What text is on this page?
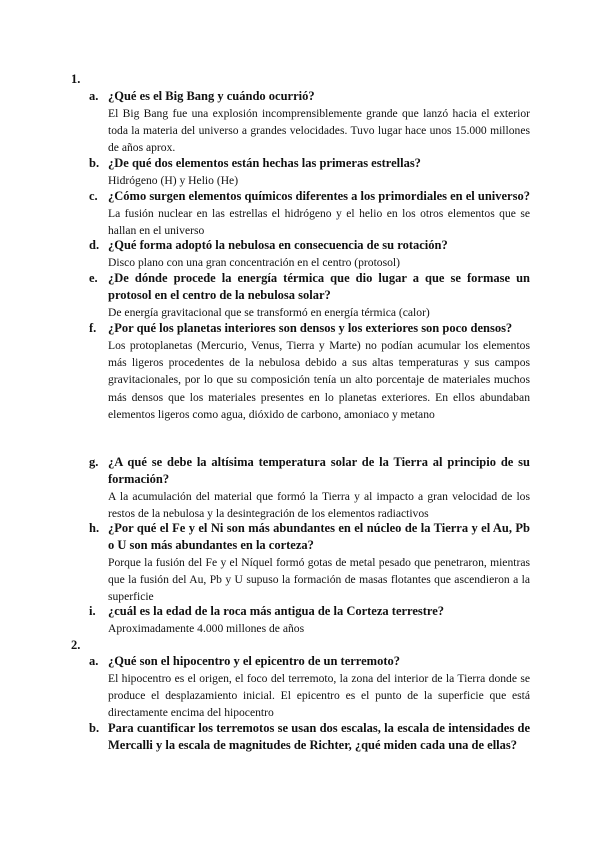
1.
a. ¿Qué es el Big Bang y cuándo ocurrió?
El Big Bang fue una explosión incomprensiblemente grande que lanzó hacia el exterior toda la materia del universo a grandes velocidades. Tuvo lugar hace unos 15.000 millones de años aprox.
b. ¿De qué dos elementos están hechas las primeras estrellas?
Hidrógeno (H) y Helio (He)
c. ¿Cómo surgen elementos químicos diferentes a los primordiales en el universo?
La fusión nuclear en las estrellas el hidrógeno y el helio en los otros elementos que se hallan en el universo
d. ¿Qué forma adoptó la nebulosa en consecuencia de su rotación?
Disco plano con una gran concentración en el centro (protosol)
e. ¿De dónde procede la energía térmica que dio lugar a que se formase un protosol en el centro de la nebulosa solar?
De energía gravitacional que se transformó en energía térmica (calor)
f. ¿Por qué los planetas interiores son densos y los exteriores son poco densos?
Los protoplanetas (Mercurio, Venus, Tierra y Marte) no podían acumular los elementos más ligeros procedentes de la nebulosa debido a sus altas temperaturas y sus campos gravitacionales, por lo que su composición tenía un alto porcentaje de materiales muchos más densos que los materiales presentes en lo planetas exteriores. En ellos abundaban elementos ligeros como agua, dióxido de carbono, amoniaco y metano
g. ¿A qué se debe la altísima temperatura solar de la Tierra al principio de su formación?
A la acumulación del material que formó la Tierra y al impacto a gran velocidad de los restos de la nebulosa y la desintegración de los elementos radiactivos
h. ¿Por qué el Fe y el Ni son más abundantes en el núcleo de la Tierra y el Au, Pb o U son más abundantes en la corteza?
Porque la fusión del Fe y el Níquel formó gotas de metal pesado que penetraron, mientras que la fusión del Au, Pb y U supuso la formación de masas flotantes que ascendieron a la superficie
i. ¿cuál es la edad de la roca más antigua de la Corteza terrestre?
Aproximadamente 4.000 millones de años
2.
a. ¿Qué son el hipocentro y el epicentro de un terremoto?
El hipocentro es el origen, el foco del terremoto, la zona del interior de la Tierra donde se produce el desplazamiento inicial. El epicentro es el punto de la superficie que está directamente encima del hipocentro
b. Para cuantificar los terremotos se usan dos escalas, la escala de intensidades de Mercalli y la escala de magnitudes de Richter, ¿qué miden cada una de ellas?
